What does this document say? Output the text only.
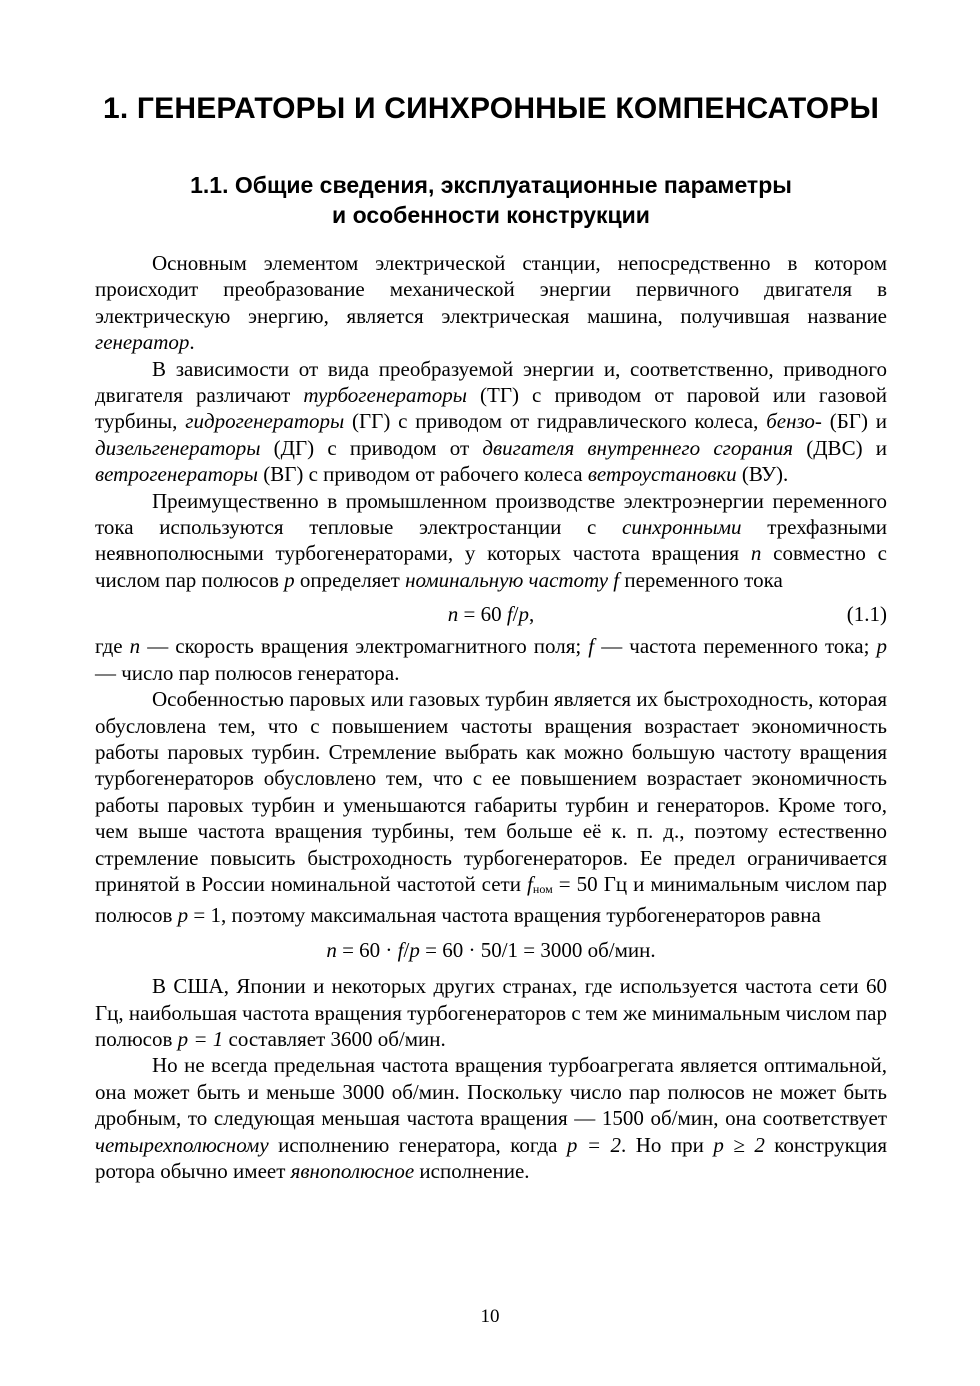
1. ГЕНЕРАТОРЫ И СИНХРОННЫЕ КОМПЕНСАТОРЫ
1.1. Общие сведения, эксплуатационные параметры
и особенности конструкции

Основным элементом электрической станции, непосредственно в котором происходит преобразование механической энергии первичного двигателя в электрическую энергию, является электрическая машина, получившая название генератор.

В зависимости от вида преобразуемой энергии и, соответственно, приводного двигателя различают турбогенераторы (ТГ) с приводом от паровой или газовой турбины, гидрогенераторы (ГГ) с приводом от гидравлического колеса, бензо- (БГ) и дизельгенераторы (ДГ) с приводом от двигателя внутреннего сгорания (ДВС) и ветрогенераторы (ВГ) с приводом от рабочего колеса ветроустановки (ВУ).

Преимущественно в промышленном производстве электроэнергии переменного тока используются тепловые электростанции с синхронными трехфазными неявнополюсными турбогенераторами, у которых частота вращения n совместно с числом пар полюсов p определяет номинальную частоту f переменного тока

n = 60 f/p,	(1.1)

где n — скорость вращения электромагнитного поля; f — частота переменного тока; p — число пар полюсов генератора.

Особенностью паровых или газовых турбин является их быстроходность, которая обусловлена тем, что с повышением частоты вращения возрастает экономичность работы паровых турбин. Стремление выбрать как можно большую частоту вращения турбогенераторов обусловлено тем, что с ее повышением возрастает экономичность работы паровых турбин и уменьшаются габариты турбин и генераторов. Кроме того, чем выше частота вращения турбины, тем больше её к. п. д., поэтому естественно стремление повысить быстроходность турбогенераторов. Ее предел ограничивается принятой в России номинальной частотой сети $f_{ном} = 50$ Гц и минимальным числом пар полюсов p = 1, поэтому максимальная частота вращения турбогенераторов равна

n = 60 · f/p = 60 · 50/1 = 3000 об/мин.

В США, Японии и некоторых других странах, где используется частота сети 60 Гц, наибольшая частота вращения турбогенераторов с тем же минимальным числом пар полюсов p = 1 составляет 3600 об/мин.

Но не всегда предельная частота вращения турбоагрегата является оптимальной, она может быть и меньше 3000 об/мин. Поскольку число пар полюсов не может быть дробным, то следующая меньшая частота вращения — 1500 об/мин, она соответствует четырехполюсному исполнению генератора, когда p = 2. Но при p ≥ 2 конструкция ротора обычно имеет явнополюсное исполнение.

10
